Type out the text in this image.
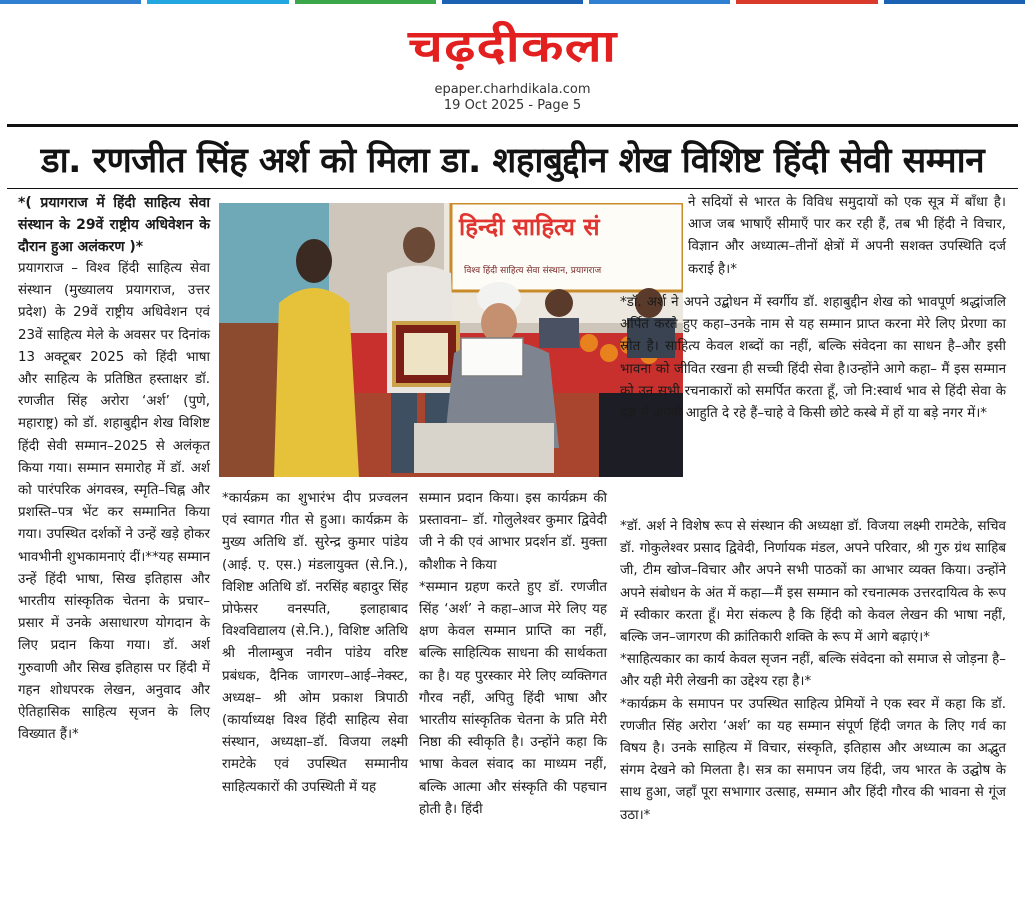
चढ़दीकला
epaper.charhdikala.com
19 Oct 2025 - Page 5
डा. रणजीत सिंह अर्श को मिला डा. शहाबुद्दीन शेख विशिष्ट हिंदी सेवी सम्मान

*( प्रयागराज में हिंदी साहित्य सेवा संस्थान के 29वें राष्ट्रीय अधिवेशन के दौरान हुआ अलंकरण )*

प्रयागराज – विश्व हिंदी साहित्य सेवा संस्थान (मुख्यालय प्रयागराज, उत्तर प्रदेश) के 29वें राष्ट्रीय अधिवेशन एवं 23वें साहित्य मेले के अवसर पर दिनांक 13 अक्टूबर 2025 को हिंदी भाषा और साहित्य के प्रतिष्ठित हस्ताक्षर डॉ. रणजीत सिंह अरोरा ‘अर्श’ (पुणे, महाराष्ट्र) को डॉ. शहाबुद्दीन शेख विशिष्ट हिंदी सेवी सम्मान–2025 से अलंकृत किया गया। सम्मान समारोह में डॉ. अर्श को पारंपरिक अंगवस्त्र, स्मृति–चिह्न और प्रशस्ति–पत्र भेंट कर सम्मानित किया गया। उपस्थित दर्शकों ने उन्हें खड़े होकर भावभीनी शुभकामनाएं दीं।**यह सम्मान उन्हें हिंदी भाषा, सिख इतिहास और भारतीय सांस्कृतिक चेतना के प्रचार–प्रसार में उनके असाधारण योगदान के लिए प्रदान किया गया। डॉ. अर्श गुरुवाणी और सिख इतिहास पर हिंदी में गहन शोधपरक लेखन, अनुवाद और ऐतिहासिक साहित्य सृजन के लिए विख्यात हैं।*

हिन्दी साहित्य सं
विश्व हिंदी साहित्य सेवा संस्थान, प्रयागराज

*कार्यक्रम का शुभारंभ दीप प्रज्वलन एवं स्वागत गीत से हुआ। कार्यक्रम के मुख्य अतिथि डॉ. सुरेन्द्र कुमार पांडेय (आई. ए. एस.) मंडलायुक्त (से.नि.), विशिष्ट अतिथि डॉ. नरसिंह बहादुर सिंह प्रोफेसर वनस्पति, इलाहाबाद विश्वविद्यालय (से.नि.), विशिष्ट अतिथि श्री नीलाम्बुज नवीन पांडेय वरिष्ट प्रबंधक, दैनिक जागरण–आई–नेक्स्ट, अध्यक्ष– श्री ओम प्रकाश त्रिपाठी (कार्याध्यक्ष विश्व हिंदी साहित्य सेवा संस्थान, अध्यक्षा–डॉ. विजया लक्ष्मी रामटेके एवं उपस्थित सम्मानीय साहित्यकारों की उपस्थिती में यह

सम्मान प्रदान किया। इस कार्यक्रम की प्रस्तावना– डॉ. गोलुलेश्वर कुमार द्विवेदी जी ने की एवं आभार प्रदर्शन डॉ. मुक्ता कौशीक ने किया

*सम्मान ग्रहण करते हुए डॉ. रणजीत सिंह ‘अर्श’ ने कहा–आज मेरे लिए यह क्षण केवल सम्मान प्राप्ति का नहीं, बल्कि साहित्यिक साधना की सार्थकता का है। यह पुरस्कार मेरे लिए व्यक्तिगत गौरव नहीं, अपितु हिंदी भाषा और भारतीय सांस्कृतिक चेतना के प्रति मेरी निष्ठा की स्वीकृति है। उन्होंने कहा कि भाषा केवल संवाद का माध्यम नहीं, बल्कि आत्मा और संस्कृति की पहचान होती है। हिंदी

ने सदियों से भारत के विविध समुदायों को एक सूत्र में बाँधा है। आज जब भाषाएँ सीमाएँ पार कर रही हैं, तब भी हिंदी ने विचार, विज्ञान और अध्यात्म–तीनों क्षेत्रों में अपनी सशक्त उपस्थिति दर्ज कराई है।*

*डॉ. अर्श ने अपने उद्बोधन में स्वर्गीय डॉ. शहाबुद्दीन शेख को भावपूर्ण श्रद्धांजलि अर्पित करते हुए कहा–उनके नाम से यह सम्मान प्राप्त करना मेरे लिए प्रेरणा का स्रोत है। साहित्य केवल शब्दों का नहीं, बल्कि संवेदना का साधन है–और इसी भावना को जीवित रखना ही सच्ची हिंदी सेवा है।उन्होंने आगे कहा– मैं इस सम्मान को उन सभी रचनाकारों को समर्पित करता हूँ, जो नि:स्वार्थ भाव से हिंदी सेवा के यज्ञ में अपनी आहुति दे रहे हैं–चाहे वे किसी छोटे कस्बे में हों या बड़े नगर में।*

*डॉ. अर्श ने विशेष रूप से संस्थान की अध्यक्षा डॉ. विजया लक्ष्मी रामटेके, सचिव डॉ. गोकुलेश्वर प्रसाद द्विवेदी, निर्णायक मंडल, अपने परिवार, श्री गुरु ग्रंथ साहिब जी, टीम खोज–विचार और अपने सभी पाठकों का आभार व्यक्त किया। उन्होंने अपने संबोधन के अंत में कहा—मैं इस सम्मान को रचनात्मक उत्तरदायित्व के रूप में स्वीकार करता हूँ। मेरा संकल्प है कि हिंदी को केवल लेखन की भाषा नहीं, बल्कि जन–जागरण की क्रांतिकारी शक्ति के रूप में आगे बढ़ाएं।*

*साहित्यकार का कार्य केवल सृजन नहीं, बल्कि संवेदना को समाज से जोड़ना है–और यही मेरी लेखनी का उद्देश्य रहा है।*

*कार्यक्रम के समापन पर उपस्थित साहित्य प्रेमियों ने एक स्वर में कहा कि डॉ. रणजीत सिंह अरोरा ‘अर्श’ का यह सम्मान संपूर्ण हिंदी जगत के लिए गर्व का विषय है। उनके साहित्य में विचार, संस्कृति, इतिहास और अध्यात्म का अद्भुत संगम देखने को मिलता है। सत्र का समापन जय हिंदी, जय भारत के उद्घोष के साथ हुआ, जहाँ पूरा सभागार उत्साह, सम्मान और हिंदी गौरव की भावना से गूंज उठा।*
